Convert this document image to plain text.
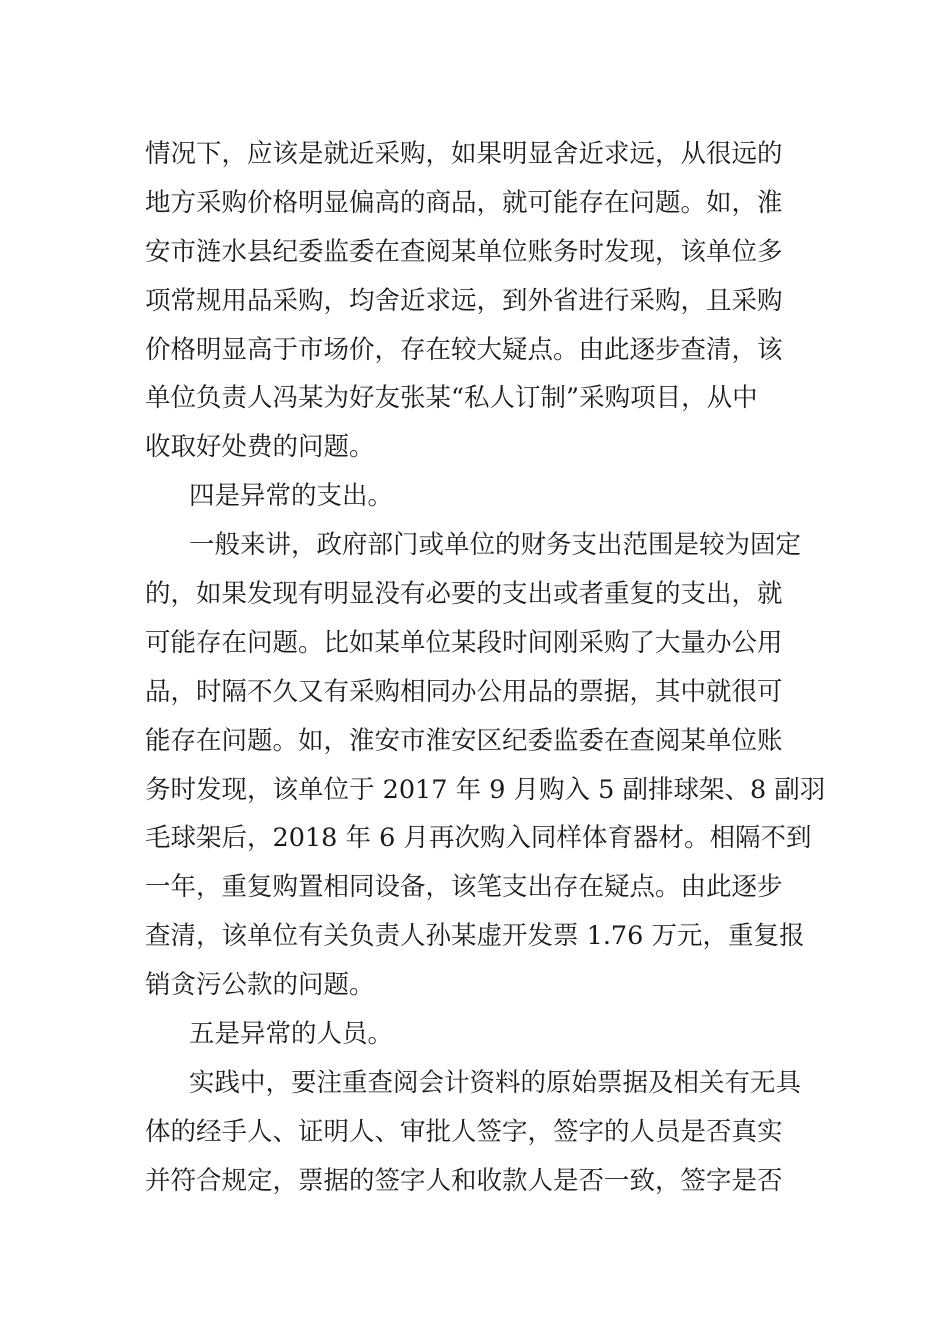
情况下，应该是就近采购，如果明显舍近求远，从很远的
地方采购价格明显偏高的商品，就可能存在问题。如，淮
安市涟水县纪委监委在查阅某单位账务时发现，该单位多
项常规用品采购，均舍近求远，到外省进行采购，且采购
价格明显高于市场价，存在较大疑点。由此逐步查清，该
单位负责人冯某为好友张某“私人订制”采购项目，从中
收取好处费的问题。
四是异常的支出。
一般来讲，政府部门或单位的财务支出范围是较为固定
的，如果发现有明显没有必要的支出或者重复的支出，就
可能存在问题。比如某单位某段时间刚采购了大量办公用
品，时隔不久又有采购相同办公用品的票据，其中就很可
能存在问题。如，淮安市淮安区纪委监委在查阅某单位账
务时发现，该单位于 2017 年 9 月购入 5 副排球架、8 副羽
毛球架后，2018 年 6 月再次购入同样体育器材。相隔不到
一年，重复购置相同设备，该笔支出存在疑点。由此逐步
查清，该单位有关负责人孙某虚开发票 1.76 万元，重复报
销贪污公款的问题。
五是异常的人员。
实践中，要注重查阅会计资料的原始票据及相关有无具
体的经手人、证明人、审批人签字，签字的人员是否真实
并符合规定，票据的签字人和收款人是否一致，签字是否
